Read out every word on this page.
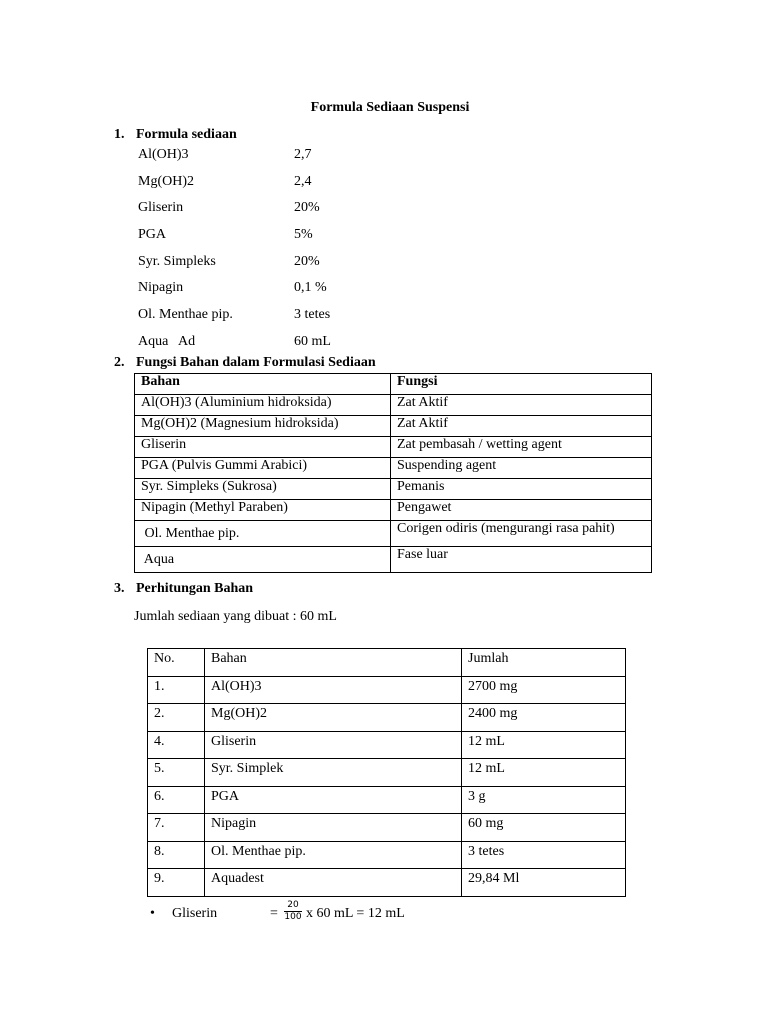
Formula Sediaan Suspensi
1. Formula sediaan
Al(OH)3	2,7
Mg(OH)2	2,4
Gliserin	20%
PGA	5%
Syr. Simpleks	20%
Nipagin	0,1 %
Ol. Menthae pip.	3 tetes
Aqua   Ad	60 mL
2. Fungsi Bahan dalam Formulasi Sediaan
Bahan	Fungsi
Al(OH)3 (Aluminium hidroksida)	Zat Aktif
Mg(OH)2 (Magnesium hidroksida)	Zat Aktif
Gliserin	Zat pembasah / wetting agent
PGA (Pulvis Gummi Arabici)	Suspending agent
Syr. Simpleks (Sukrosa)	Pemanis
Nipagin (Methyl Paraben)	Pengawet
Ol. Menthae pip.	Corigen odiris (mengurangi rasa pahit)
Aqua	Fase luar
3. Perhitungan Bahan
Jumlah sediaan yang dibuat : 60 mL
No.	Bahan	Jumlah
1.	Al(OH)3	2700 mg
2.	Mg(OH)2	2400 mg
4.	Gliserin	12 mL
5.	Syr. Simplek	12 mL
6.	PGA	3 g
7.	Nipagin	60 mg
8.	Ol. Menthae pip.	3 tetes
9.	Aquadest	29,84 Ml
• Gliserin	= $\frac{20}{100}$ x 60 mL = 12 mL
